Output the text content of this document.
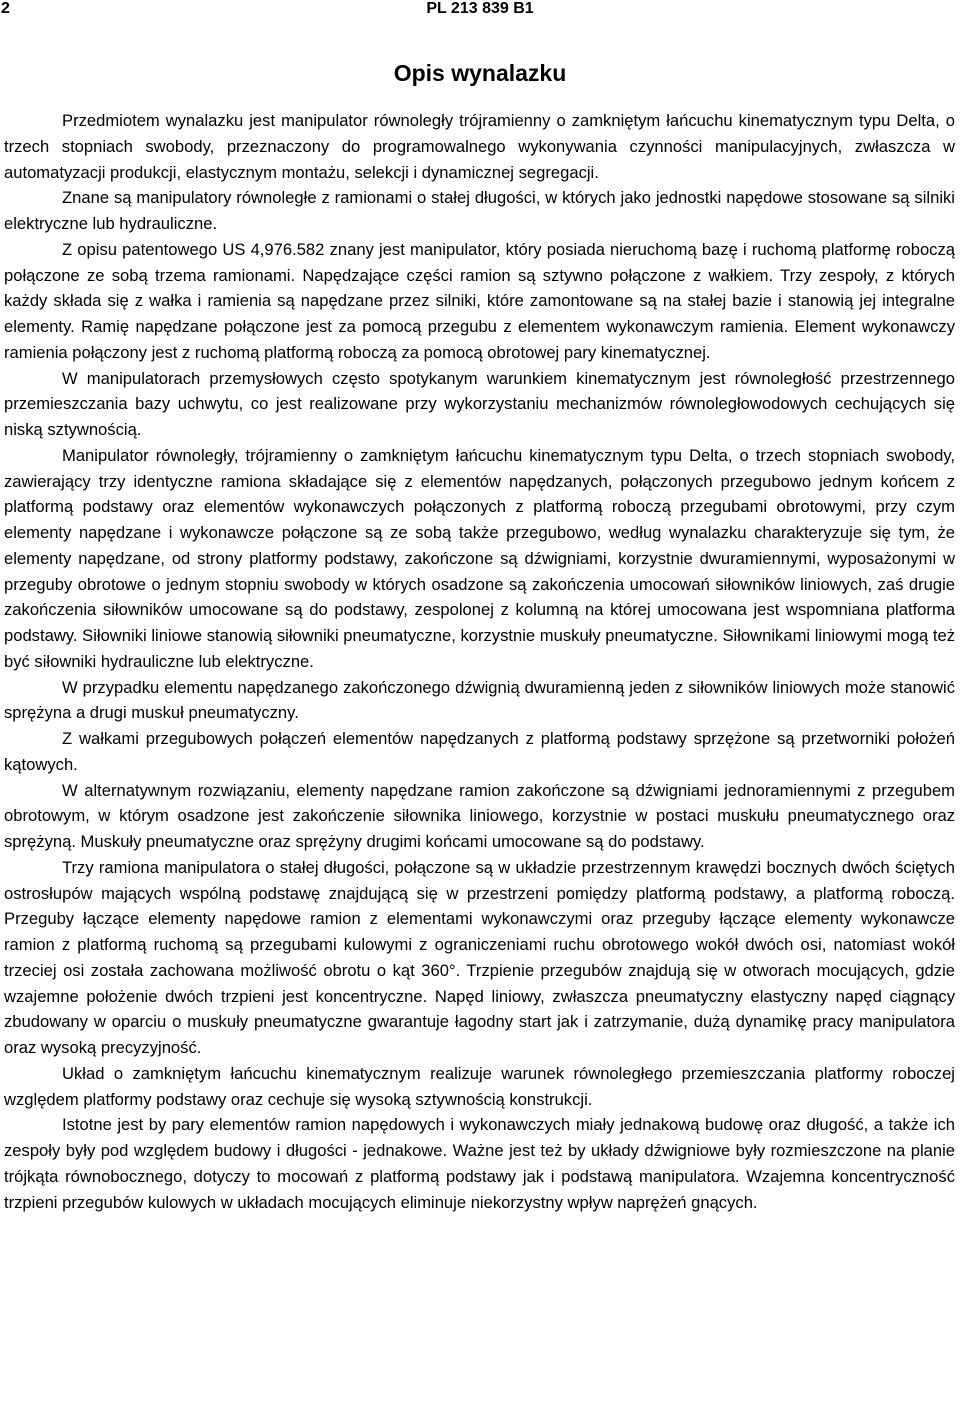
2	PL 213 839 B1
Opis wynalazku

Przedmiotem wynalazku jest manipulator równoległy trójramienny o zamkniętym łańcuchu kinematycznym typu Delta, o trzech stopniach swobody, przeznaczony do programowalnego wykonywania czynności manipulacyjnych, zwłaszcza w automatyzacji produkcji, elastycznym montażu, selekcji i dynamicznej segregacji.

Znane są manipulatory równoległe z ramionami o stałej długości, w których jako jednostki napędowe stosowane są silniki elektryczne lub hydrauliczne.

Z opisu patentowego US 4,976.582 znany jest manipulator, który posiada nieruchomą bazę i ruchomą platformę roboczą połączone ze sobą trzema ramionami. Napędzające części ramion są sztywno połączone z wałkiem. Trzy zespoły, z których każdy składa się z wałka i ramienia są napędzane przez silniki, które zamontowane są na stałej bazie i stanowią jej integralne elementy. Ramię napędzane połączone jest za pomocą przegubu z elementem wykonawczym ramienia. Element wykonawczy ramienia połączony jest z ruchomą platformą roboczą za pomocą obrotowej pary kinematycznej.

W manipulatorach przemysłowych często spotykanym warunkiem kinematycznym jest równoległość przestrzennego przemieszczania bazy uchwytu, co jest realizowane przy wykorzystaniu mechanizmów równoległowodowych cechujących się niską sztywnością.

Manipulator równoległy, trójramienny o zamkniętym łańcuchu kinematycznym typu Delta, o trzech stopniach swobody, zawierający trzy identyczne ramiona składające się z elementów napędzanych, połączonych przegubowo jednym końcem z platformą podstawy oraz elementów wykonawczych połączonych z platformą roboczą przegubami obrotowymi, przy czym elementy napędzane i wykonawcze połączone są ze sobą także przegubowo, według wynalazku charakteryzuje się tym, że elementy napędzane, od strony platformy podstawy, zakończone są dźwigniami, korzystnie dwuramiennymi, wyposażonymi w przeguby obrotowe o jednym stopniu swobody w których osadzone są zakończenia umocowań siłowników liniowych, zaś drugie zakończenia siłowników umocowane są do podstawy, zespolonej z kolumną na której umocowana jest wspomniana platforma podstawy. Siłowniki liniowe stanowią siłowniki pneumatyczne, korzystnie muskuły pneumatyczne. Siłownikami liniowymi mogą też być siłowniki hydrauliczne lub elektryczne.

W przypadku elementu napędzanego zakończonego dźwignią dwuramienną jeden z siłowników liniowych może stanowić sprężyna a drugi muskuł pneumatyczny.

Z wałkami przegubowych połączeń elementów napędzanych z platformą podstawy sprzężone są przetworniki położeń kątowych.

W alternatywnym rozwiązaniu, elementy napędzane ramion zakończone są dźwigniami jednoramiennymi z przegubem obrotowym, w którym osadzone jest zakończenie siłownika liniowego, korzystnie w postaci muskułu pneumatycznego oraz sprężyną. Muskuły pneumatyczne oraz sprężyny drugimi końcami umocowane są do podstawy.

Trzy ramiona manipulatora o stałej długości, połączone są w układzie przestrzennym krawędzi bocznych dwóch ściętych ostrosłupów mających wspólną podstawę znajdującą się w przestrzeni pomiędzy platformą podstawy, a platformą roboczą. Przeguby łączące elementy napędowe ramion z elementami wykonawczymi oraz przeguby łączące elementy wykonawcze ramion z platformą ruchomą są przegubami kulowymi z ograniczeniami ruchu obrotowego wokół dwóch osi, natomiast wokół trzeciej osi została zachowana możliwość obrotu o kąt 360°. Trzpienie przegubów znajdują się w otworach mocujących, gdzie wzajemne położenie dwóch trzpieni jest koncentryczne. Napęd liniowy, zwłaszcza pneumatyczny elastyczny napęd ciągnący zbudowany w oparciu o muskuły pneumatyczne gwarantuje łagodny start jak i zatrzymanie, dużą dynamikę pracy manipulatora oraz wysoką precyzyjność.

Układ o zamkniętym łańcuchu kinematycznym realizuje warunek równoległego przemieszczania platformy roboczej względem platformy podstawy oraz cechuje się wysoką sztywnością konstrukcji.

Istotne jest by pary elementów ramion napędowych i wykonawczych miały jednakową budowę oraz długość, a także ich zespoły były pod względem budowy i długości - jednakowe. Ważne jest też by układy dźwigniowe były rozmieszczone na planie trójkąta równobocznego, dotyczy to mocowań z platformą podstawy jak i podstawą manipulatora. Wzajemna koncentryczność trzpieni przegubów kulowych w układach mocujących eliminuje niekorzystny wpływ naprężeń gnących.
